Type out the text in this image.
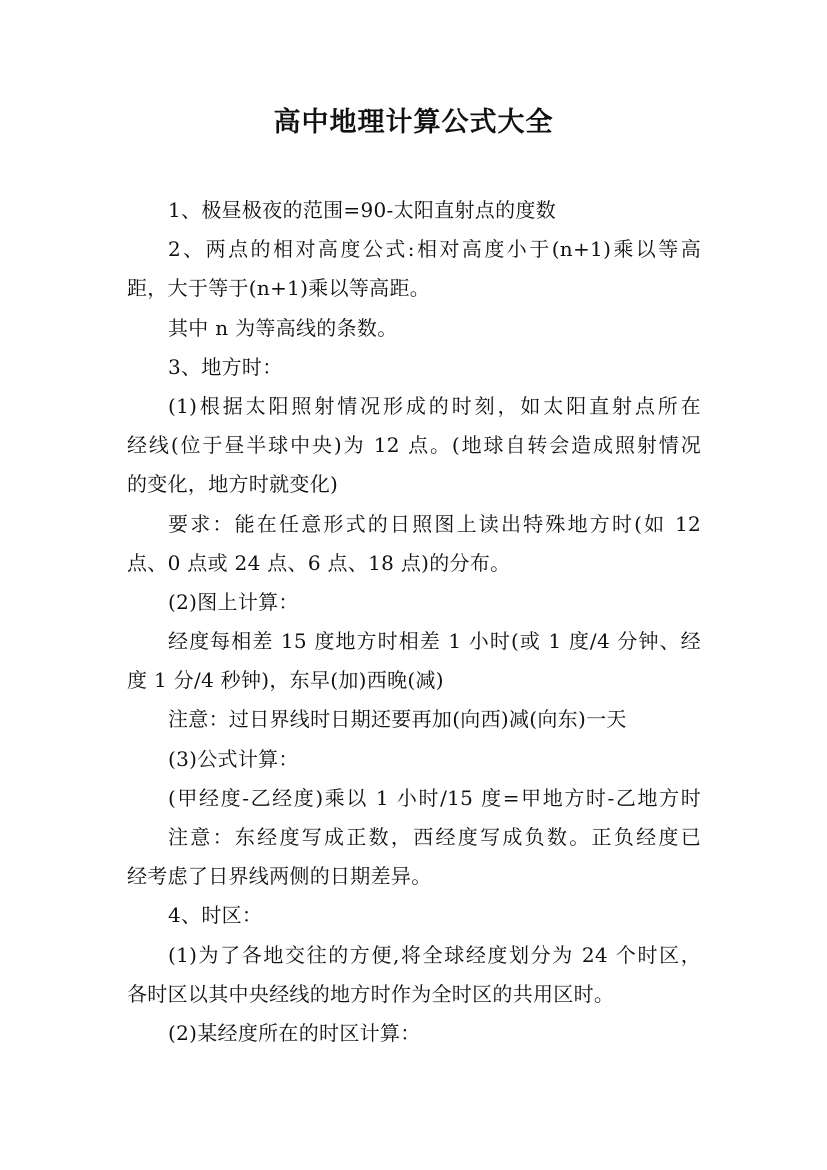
高中地理计算公式大全
1、极昼极夜的范围=90-太阳直射点的度数
2、两点的相对高度公式:相对高度小于(n+1)乘以等高
距，大于等于(n+1)乘以等高距。
其中 n 为等高线的条数。
3、地方时：
(1)根据太阳照射情况形成的时刻，如太阳直射点所在
经线(位于昼半球中央)为 12 点。(地球自转会造成照射情况
的变化，地方时就变化)
要求：能在任意形式的日照图上读出特殊地方时(如 12
点、0 点或 24 点、6 点、18 点)的分布。
(2)图上计算：
经度每相差 15 度地方时相差 1 小时(或 1 度/4 分钟、经
度 1 分/4 秒钟)，东早(加)西晚(减)
注意：过日界线时日期还要再加(向西)减(向东)一天
(3)公式计算：
(甲经度-乙经度)乘以 1 小时/15 度=甲地方时-乙地方时
注意：东经度写成正数，西经度写成负数。正负经度已
经考虑了日界线两侧的日期差异。
4、时区：
(1)为了各地交往的方便,将全球经度划分为 24 个时区，
各时区以其中央经线的地方时作为全时区的共用区时。
(2)某经度所在的时区计算：
